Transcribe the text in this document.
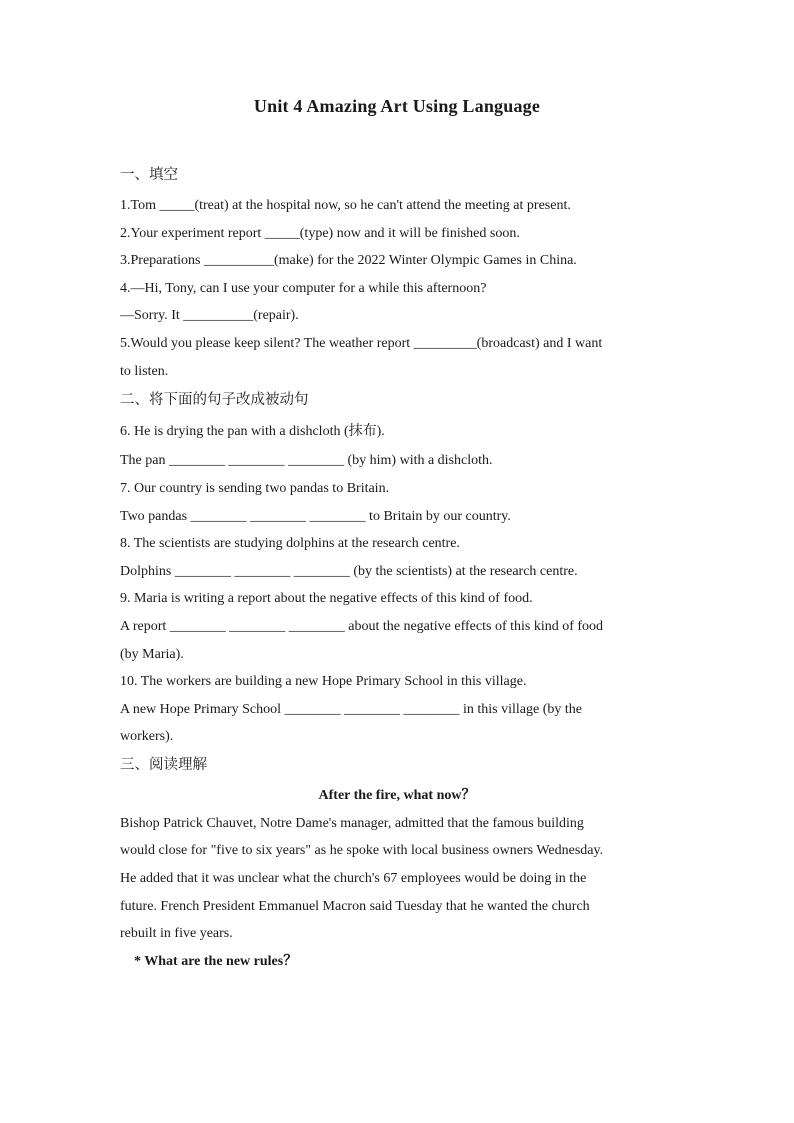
Unit 4 Amazing Art Using Language
一、填空
1.Tom _____(treat) at the hospital now, so he can't attend the meeting at present.
2.Your experiment report _____(type) now and it will be finished soon.
3.Preparations __________(make) for the 2022 Winter Olympic Games in China.
4.—Hi, Tony, can I use your computer for a while this afternoon?
—Sorry. It __________(repair).
5.Would you please keep silent? The weather report _________(broadcast) and I want
to listen.
二、将下面的句子改成被动句
6. He is drying the pan with a dishcloth (抹布).
The pan ________ ________ ________ (by him) with a dishcloth.
7. Our country is sending two pandas to Britain.
Two pandas ________ ________ ________ to Britain by our country.
8. The scientists are studying dolphins at the research centre.
Dolphins ________ ________ ________ (by the scientists) at the research centre.
9. Maria is writing a report about the negative effects of this kind of food.
A report ________ ________ ________ about the negative effects of this kind of food
(by Maria).
10. The workers are building a new Hope Primary School in this village.
A new Hope Primary School ________ ________ ________ in this village (by the
workers).
三、阅读理解
After the fire, what now？
Bishop Patrick Chauvet, Notre Dame's manager, admitted that the famous building
would close for "five to six years" as he spoke with local business owners Wednesday.
He added that it was unclear what the church's 67 employees would be doing in the
future. French President Emmanuel Macron said Tuesday that he wanted the church
rebuilt in five years.
* What are the new rules？
